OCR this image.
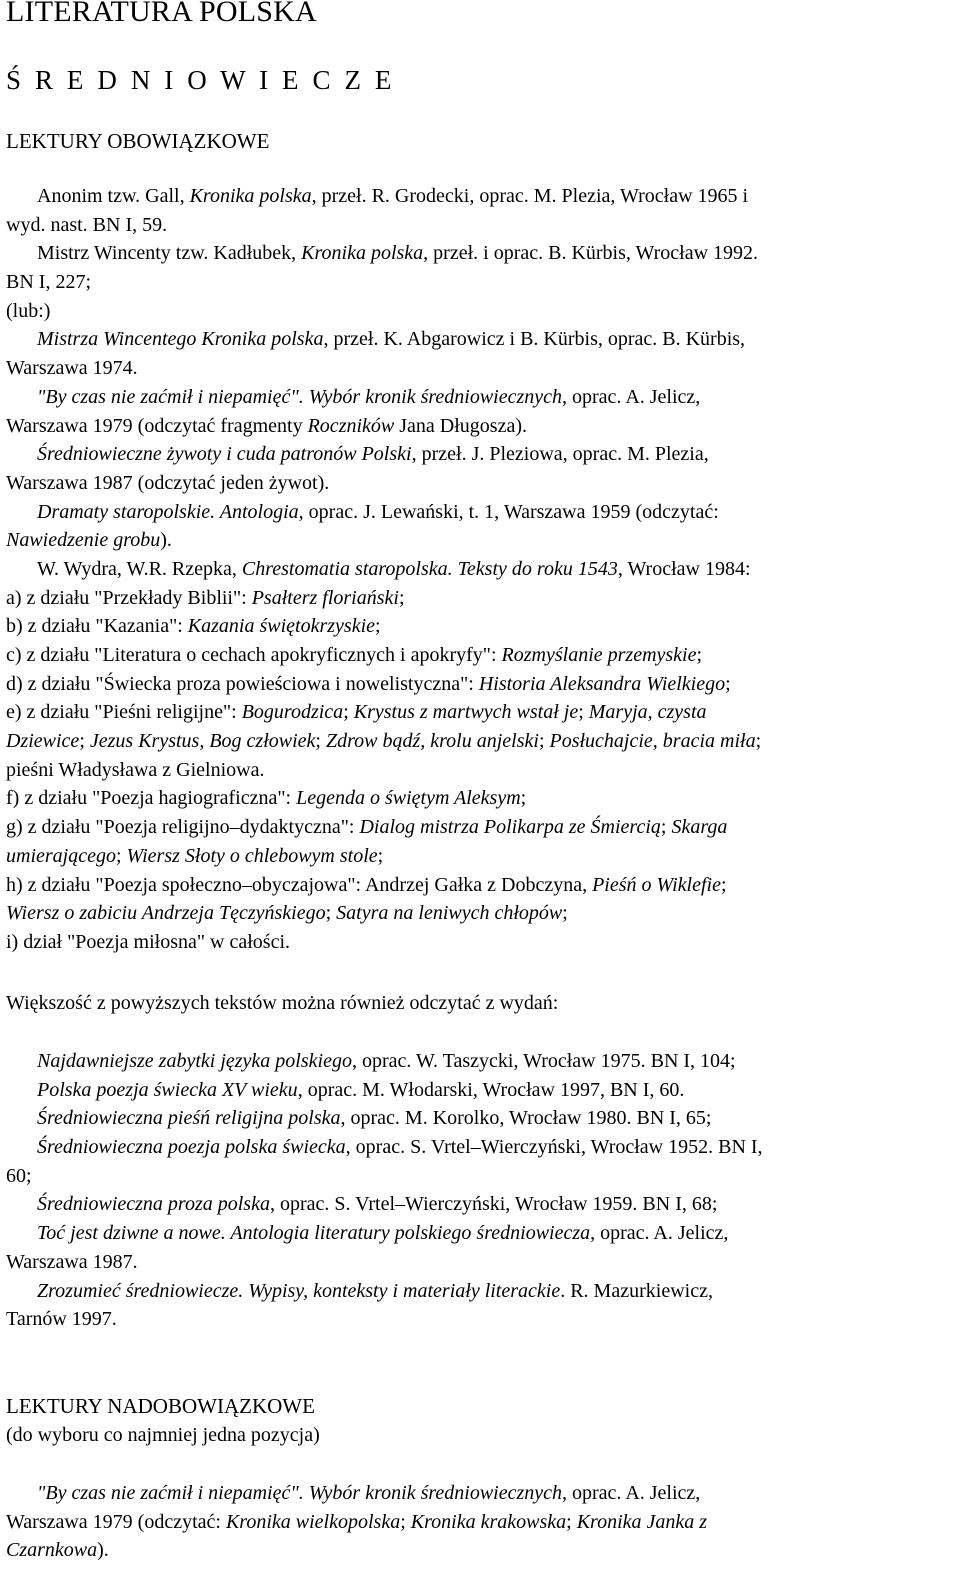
LITERATURA POLSKA
Ś R E D N I O W I E C Z E
LEKTURY OBOWIĄZKOWE
Anonim tzw. Gall, Kronika polska, przeł. R. Grodecki, oprac. M. Plezia, Wrocław 1965 i
wyd. nast. BN I, 59.
Mistrz Wincenty tzw. Kadłubek, Kronika polska, przeł. i oprac. B. Kürbis, Wrocław 1992.
BN I, 227;
(lub:)
Mistrza Wincentego Kronika polska, przeł. K. Abgarowicz i B. Kürbis, oprac. B. Kürbis,
Warszawa 1974.
"By czas nie zaćmił i niepamięć". Wybór kronik średniowiecznych, oprac. A. Jelicz,
Warszawa 1979 (odczytać fragmenty Roczników Jana Długosza).
Średniowieczne żywoty i cuda patronów Polski, przeł. J. Pleziowa, oprac. M. Plezia,
Warszawa 1987 (odczytać jeden żywot).
Dramaty staropolskie. Antologia, oprac. J. Lewański, t. 1, Warszawa 1959 (odczytać:
Nawiedzenie grobu).
W. Wydra, W.R. Rzepka, Chrestomatia staropolska. Teksty do roku 1543, Wrocław 1984:
a) z działu "Przekłady Biblii": Psałterz floriański;
b) z działu "Kazania": Kazania świętokrzyskie;
c) z działu "Literatura o cechach apokryficznych i apokryfy": Rozmyślanie przemyskie;
d) z działu "Świecka proza powieściowa i nowelistyczna": Historia Aleksandra Wielkiego;
e) z działu "Pieśni religijne": Bogurodzica; Krystus z martwych wstał je; Maryja, czysta
Dziewice; Jezus Krystus, Bog człowiek; Zdrow bądź, krolu anjelski; Posłuchajcie, bracia miła;
pieśni Władysława z Gielniowa.
f) z działu "Poezja hagiograficzna": Legenda o świętym Aleksym;
g) z działu "Poezja religijno–dydaktyczna": Dialog mistrza Polikarpa ze Śmiercią; Skarga
umierającego; Wiersz Słoty o chlebowym stole;
h) z działu "Poezja społeczno–obyczajowa": Andrzej Gałka z Dobczyna, Pieśń o Wiklefie;
Wiersz o zabiciu Andrzeja Tęczyńskiego; Satyra na leniwych chłopów;
i) dział "Poezja miłosna" w całości.
Większość z powyższych tekstów można również odczytać z wydań:
Najdawniejsze zabytki języka polskiego, oprac. W. Taszycki, Wrocław 1975. BN I, 104;
Polska poezja świecka XV wieku, oprac. M. Włodarski, Wrocław 1997, BN I, 60.
Średniowieczna pieśń religijna polska, oprac. M. Korolko, Wrocław 1980. BN I, 65;
Średniowieczna poezja polska świecka, oprac. S. Vrtel–Wierczyński, Wrocław 1952. BN I,
60;
Średniowieczna proza polska, oprac. S. Vrtel–Wierczyński, Wrocław 1959. BN I, 68;
Toć jest dziwne a nowe. Antologia literatury polskiego średniowiecza, oprac. A. Jelicz,
Warszawa 1987.
Zrozumieć średniowiecze. Wypisy, konteksty i materiały literackie. R. Mazurkiewicz,
Tarnów 1997.
LEKTURY NADOBOWIĄZKOWE
(do wyboru co najmniej jedna pozycja)
"By czas nie zaćmił i niepamięć". Wybór kronik średniowiecznych, oprac. A. Jelicz,
Warszawa 1979 (odczytać: Kronika wielkopolska; Kronika krakowska; Kronika Janka z
Czarnkowa).
